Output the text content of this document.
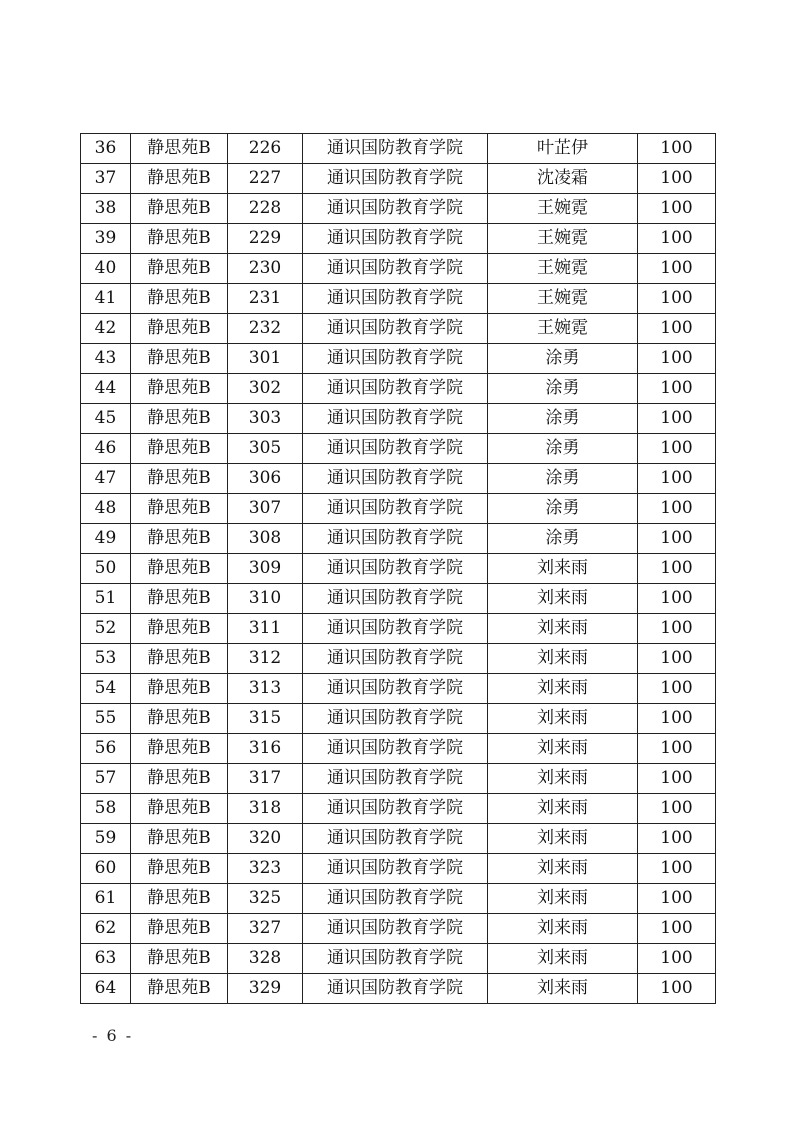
36	静思苑B	226	通识国防教育学院	叶芷伊	100
37	静思苑B	227	通识国防教育学院	沈凌霜	100
38	静思苑B	228	通识国防教育学院	王婉霓	100
39	静思苑B	229	通识国防教育学院	王婉霓	100
40	静思苑B	230	通识国防教育学院	王婉霓	100
41	静思苑B	231	通识国防教育学院	王婉霓	100
42	静思苑B	232	通识国防教育学院	王婉霓	100
43	静思苑B	301	通识国防教育学院	涂勇	100
44	静思苑B	302	通识国防教育学院	涂勇	100
45	静思苑B	303	通识国防教育学院	涂勇	100
46	静思苑B	305	通识国防教育学院	涂勇	100
47	静思苑B	306	通识国防教育学院	涂勇	100
48	静思苑B	307	通识国防教育学院	涂勇	100
49	静思苑B	308	通识国防教育学院	涂勇	100
50	静思苑B	309	通识国防教育学院	刘来雨	100
51	静思苑B	310	通识国防教育学院	刘来雨	100
52	静思苑B	311	通识国防教育学院	刘来雨	100
53	静思苑B	312	通识国防教育学院	刘来雨	100
54	静思苑B	313	通识国防教育学院	刘来雨	100
55	静思苑B	315	通识国防教育学院	刘来雨	100
56	静思苑B	316	通识国防教育学院	刘来雨	100
57	静思苑B	317	通识国防教育学院	刘来雨	100
58	静思苑B	318	通识国防教育学院	刘来雨	100
59	静思苑B	320	通识国防教育学院	刘来雨	100
60	静思苑B	323	通识国防教育学院	刘来雨	100
61	静思苑B	325	通识国防教育学院	刘来雨	100
62	静思苑B	327	通识国防教育学院	刘来雨	100
63	静思苑B	328	通识国防教育学院	刘来雨	100
64	静思苑B	329	通识国防教育学院	刘来雨	100
- 6 -
